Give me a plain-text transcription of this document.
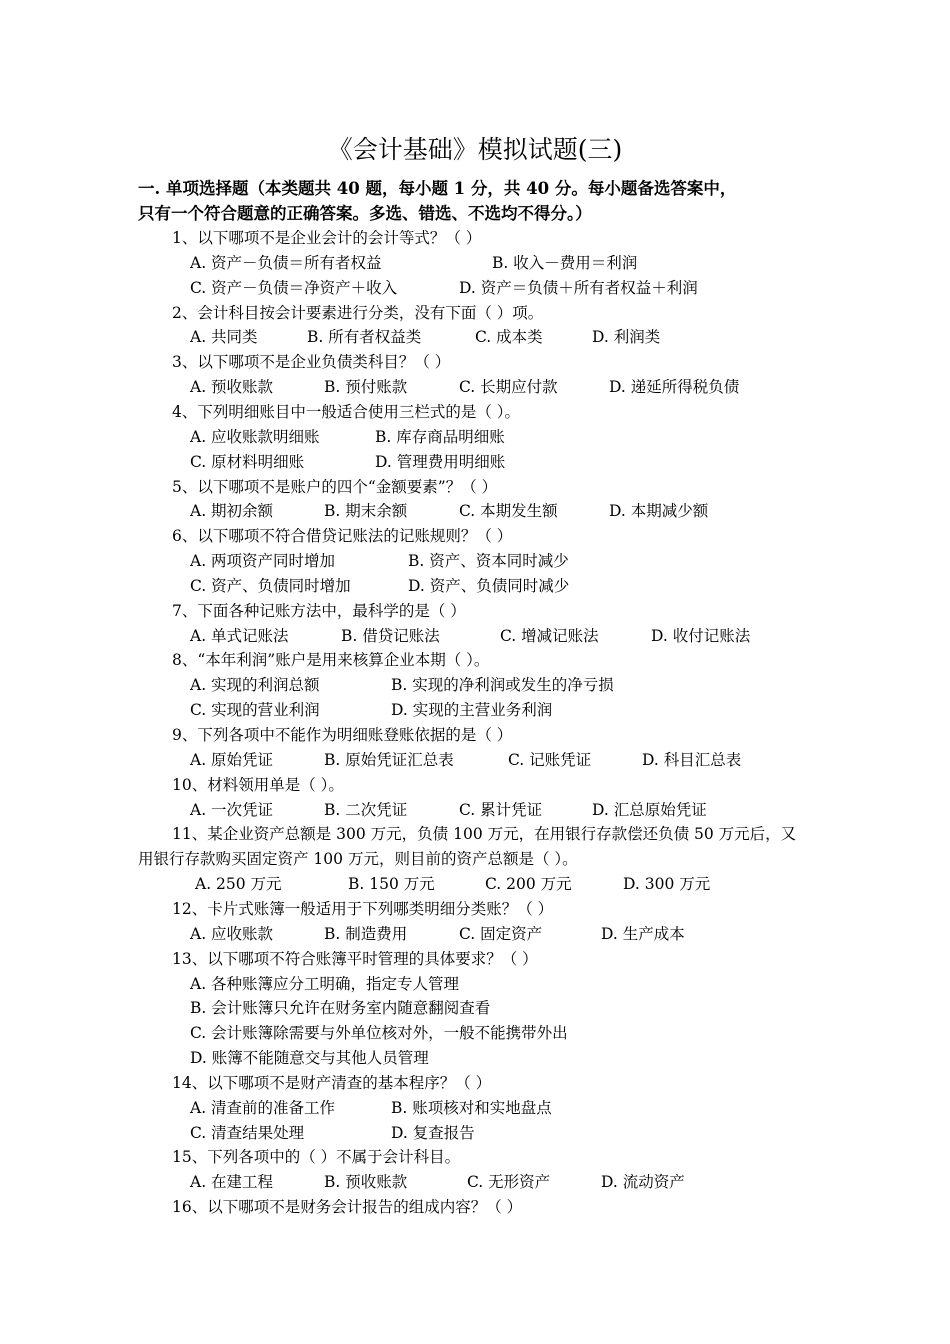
《会计基础》模拟试题(三)
一. 单项选择题（本类题共 40 题，每小题 1 分，共 40 分。每小题备选答案中，
只有一个符合题意的正确答案。多选、错选、不选均不得分。）
1、以下哪项不是企业会计的会计等式？（ ）
A. 资产－负债＝所有者权益	B. 收入－费用＝利润
C. 资产－负债＝净资产＋收入	D. 资产＝负债＋所有者权益＋利润
2、会计科目按会计要素进行分类，没有下面（ ）项。
A. 共同类	B. 所有者权益类	C. 成本类	D. 利润类
3、以下哪项不是企业负债类科目？（ ）
A. 预收账款	B. 预付账款	C. 长期应付款	D. 递延所得税负债
4、下列明细账目中一般适合使用三栏式的是（ ）。
A. 应收账款明细账	B. 库存商品明细账
C. 原材料明细账	D. 管理费用明细账
5、以下哪项不是账户的四个“金额要素”？（ ）
A. 期初余额	B. 期末余额	C. 本期发生额	D. 本期减少额
6、以下哪项不符合借贷记账法的记账规则？（ ）
A. 两项资产同时增加	B. 资产、资本同时减少
C. 资产、负债同时增加	D. 资产、负债同时减少
7、下面各种记账方法中，最科学的是（ ）
A. 单式记账法	B. 借贷记账法	C. 增减记账法	D. 收付记账法
8、“本年利润”账户是用来核算企业本期（ ）。
A. 实现的利润总额	B. 实现的净利润或发生的净亏损
C. 实现的营业利润	D. 实现的主营业务利润
9、下列各项中不能作为明细账登账依据的是（ ）
A. 原始凭证	B. 原始凭证汇总表	C. 记账凭证	D. 科目汇总表
10、材料领用单是（ ）。
A. 一次凭证	B. 二次凭证	C. 累计凭证	D. 汇总原始凭证
11、某企业资产总额是 300 万元，负债 100 万元，在用银行存款偿还负债 50 万元后，又
用银行存款购买固定资产 100 万元，则目前的资产总额是（ ）。
A. 250 万元	B. 150 万元	C. 200 万元	D. 300 万元
12、卡片式账簿一般适用于下列哪类明细分类账？（ ）
A. 应收账款	B. 制造费用	C. 固定资产	D. 生产成本
13、以下哪项不符合账簿平时管理的具体要求？（ ）
A. 各种账簿应分工明确，指定专人管理
B. 会计账簿只允许在财务室内随意翻阅查看
C. 会计账簿除需要与外单位核对外，一般不能携带外出
D. 账簿不能随意交与其他人员管理
14、以下哪项不是财产清查的基本程序？（ ）
A. 清查前的准备工作	B. 账项核对和实地盘点
C. 清查结果处理	D. 复查报告
15、下列各项中的（ ）不属于会计科目。
A. 在建工程	B. 预收账款	C. 无形资产	D. 流动资产
16、以下哪项不是财务会计报告的组成内容？（ ）
